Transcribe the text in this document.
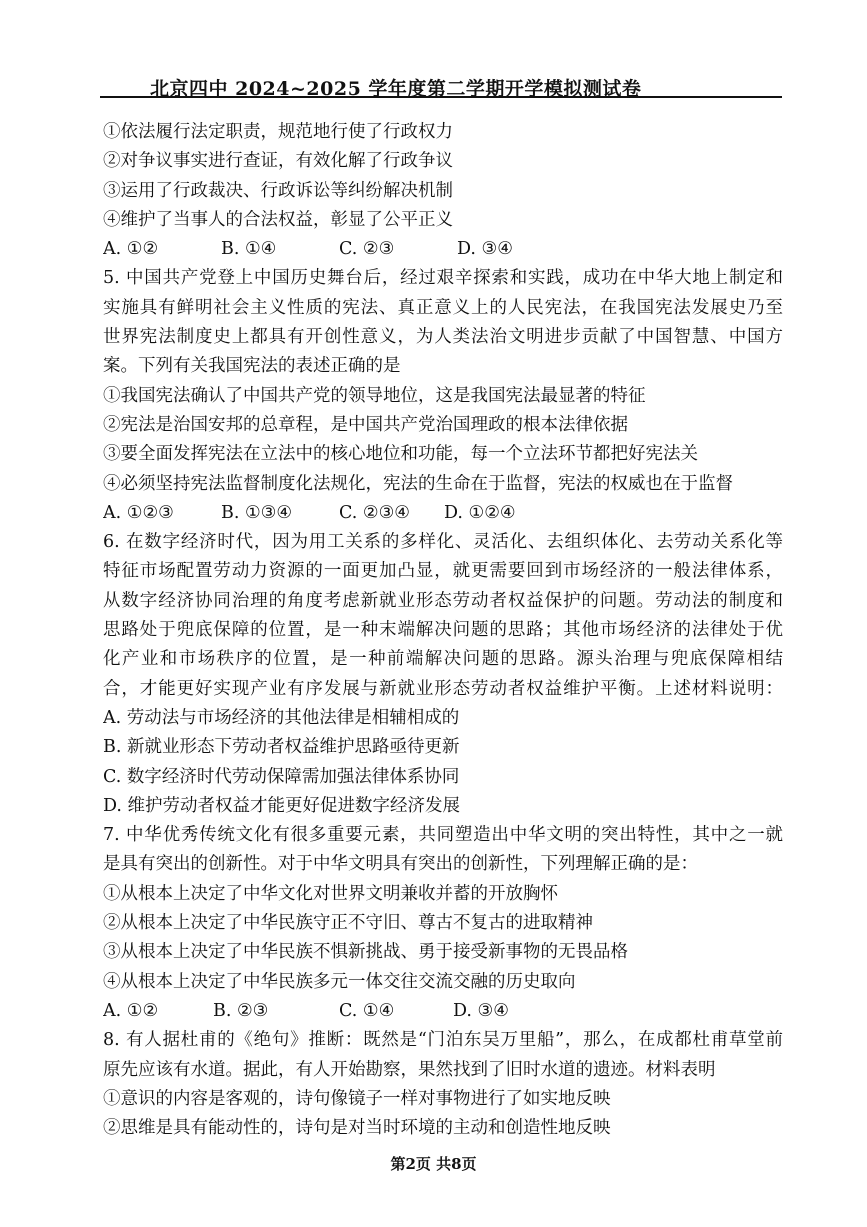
北京四中 2024~2025 学年度第二学期开学模拟测试卷
①依法履行法定职责，规范地行使了行政权力
②对争议事实进行查证，有效化解了行政争议
③运用了行政裁决、行政诉讼等纠纷解决机制
④维护了当事人的合法权益，彰显了公平正义
A. ①②	B. ①④	C. ②③	D. ③④
5. 中国共产党登上中国历史舞台后，经过艰辛探索和实践，成功在中华大地上制定和
实施具有鲜明社会主义性质的宪法、真正意义上的人民宪法，在我国宪法发展史乃至
世界宪法制度史上都具有开创性意义，为人类法治文明进步贡献了中国智慧、中国方
案。下列有关我国宪法的表述正确的是
①我国宪法确认了中国共产党的领导地位，这是我国宪法最显著的特征
②宪法是治国安邦的总章程，是中国共产党治国理政的根本法律依据
③要全面发挥宪法在立法中的核心地位和功能，每一个立法环节都把好宪法关
④必须坚持宪法监督制度化法规化，宪法的生命在于监督，宪法的权威也在于监督
A. ①②③	B. ①③④	C. ②③④	D. ①②④
6. 在数字经济时代，因为用工关系的多样化、灵活化、去组织体化、去劳动关系化等
特征市场配置劳动力资源的一面更加凸显，就更需要回到市场经济的一般法律体系，
从数字经济协同治理的角度考虑新就业形态劳动者权益保护的问题。劳动法的制度和
思路处于兜底保障的位置，是一种末端解决问题的思路；其他市场经济的法律处于优
化产业和市场秩序的位置，是一种前端解决问题的思路。源头治理与兜底保障相结
合，才能更好实现产业有序发展与新就业形态劳动者权益维护平衡。上述材料说明：
A. 劳动法与市场经济的其他法律是相辅相成的
B. 新就业形态下劳动者权益维护思路亟待更新
C. 数字经济时代劳动保障需加强法律体系协同
D. 维护劳动者权益才能更好促进数字经济发展
7. 中华优秀传统文化有很多重要元素，共同塑造出中华文明的突出特性，其中之一就
是具有突出的创新性。对于中华文明具有突出的创新性，下列理解正确的是：
①从根本上决定了中华文化对世界文明兼收并蓄的开放胸怀
②从根本上决定了中华民族守正不守旧、尊古不复古的进取精神
③从根本上决定了中华民族不惧新挑战、勇于接受新事物的无畏品格
④从根本上决定了中华民族多元一体交往交流交融的历史取向
A. ①②	B. ②③	C. ①④	D. ③④
8. 有人据杜甫的《绝句》推断：既然是“门泊东吴万里船”，那么，在成都杜甫草堂前
原先应该有水道。据此，有人开始勘察，果然找到了旧时水道的遗迹。材料表明
①意识的内容是客观的，诗句像镜子一样对事物进行了如实地反映
②思维是具有能动性的，诗句是对当时环境的主动和创造性地反映
第2页 共8页
